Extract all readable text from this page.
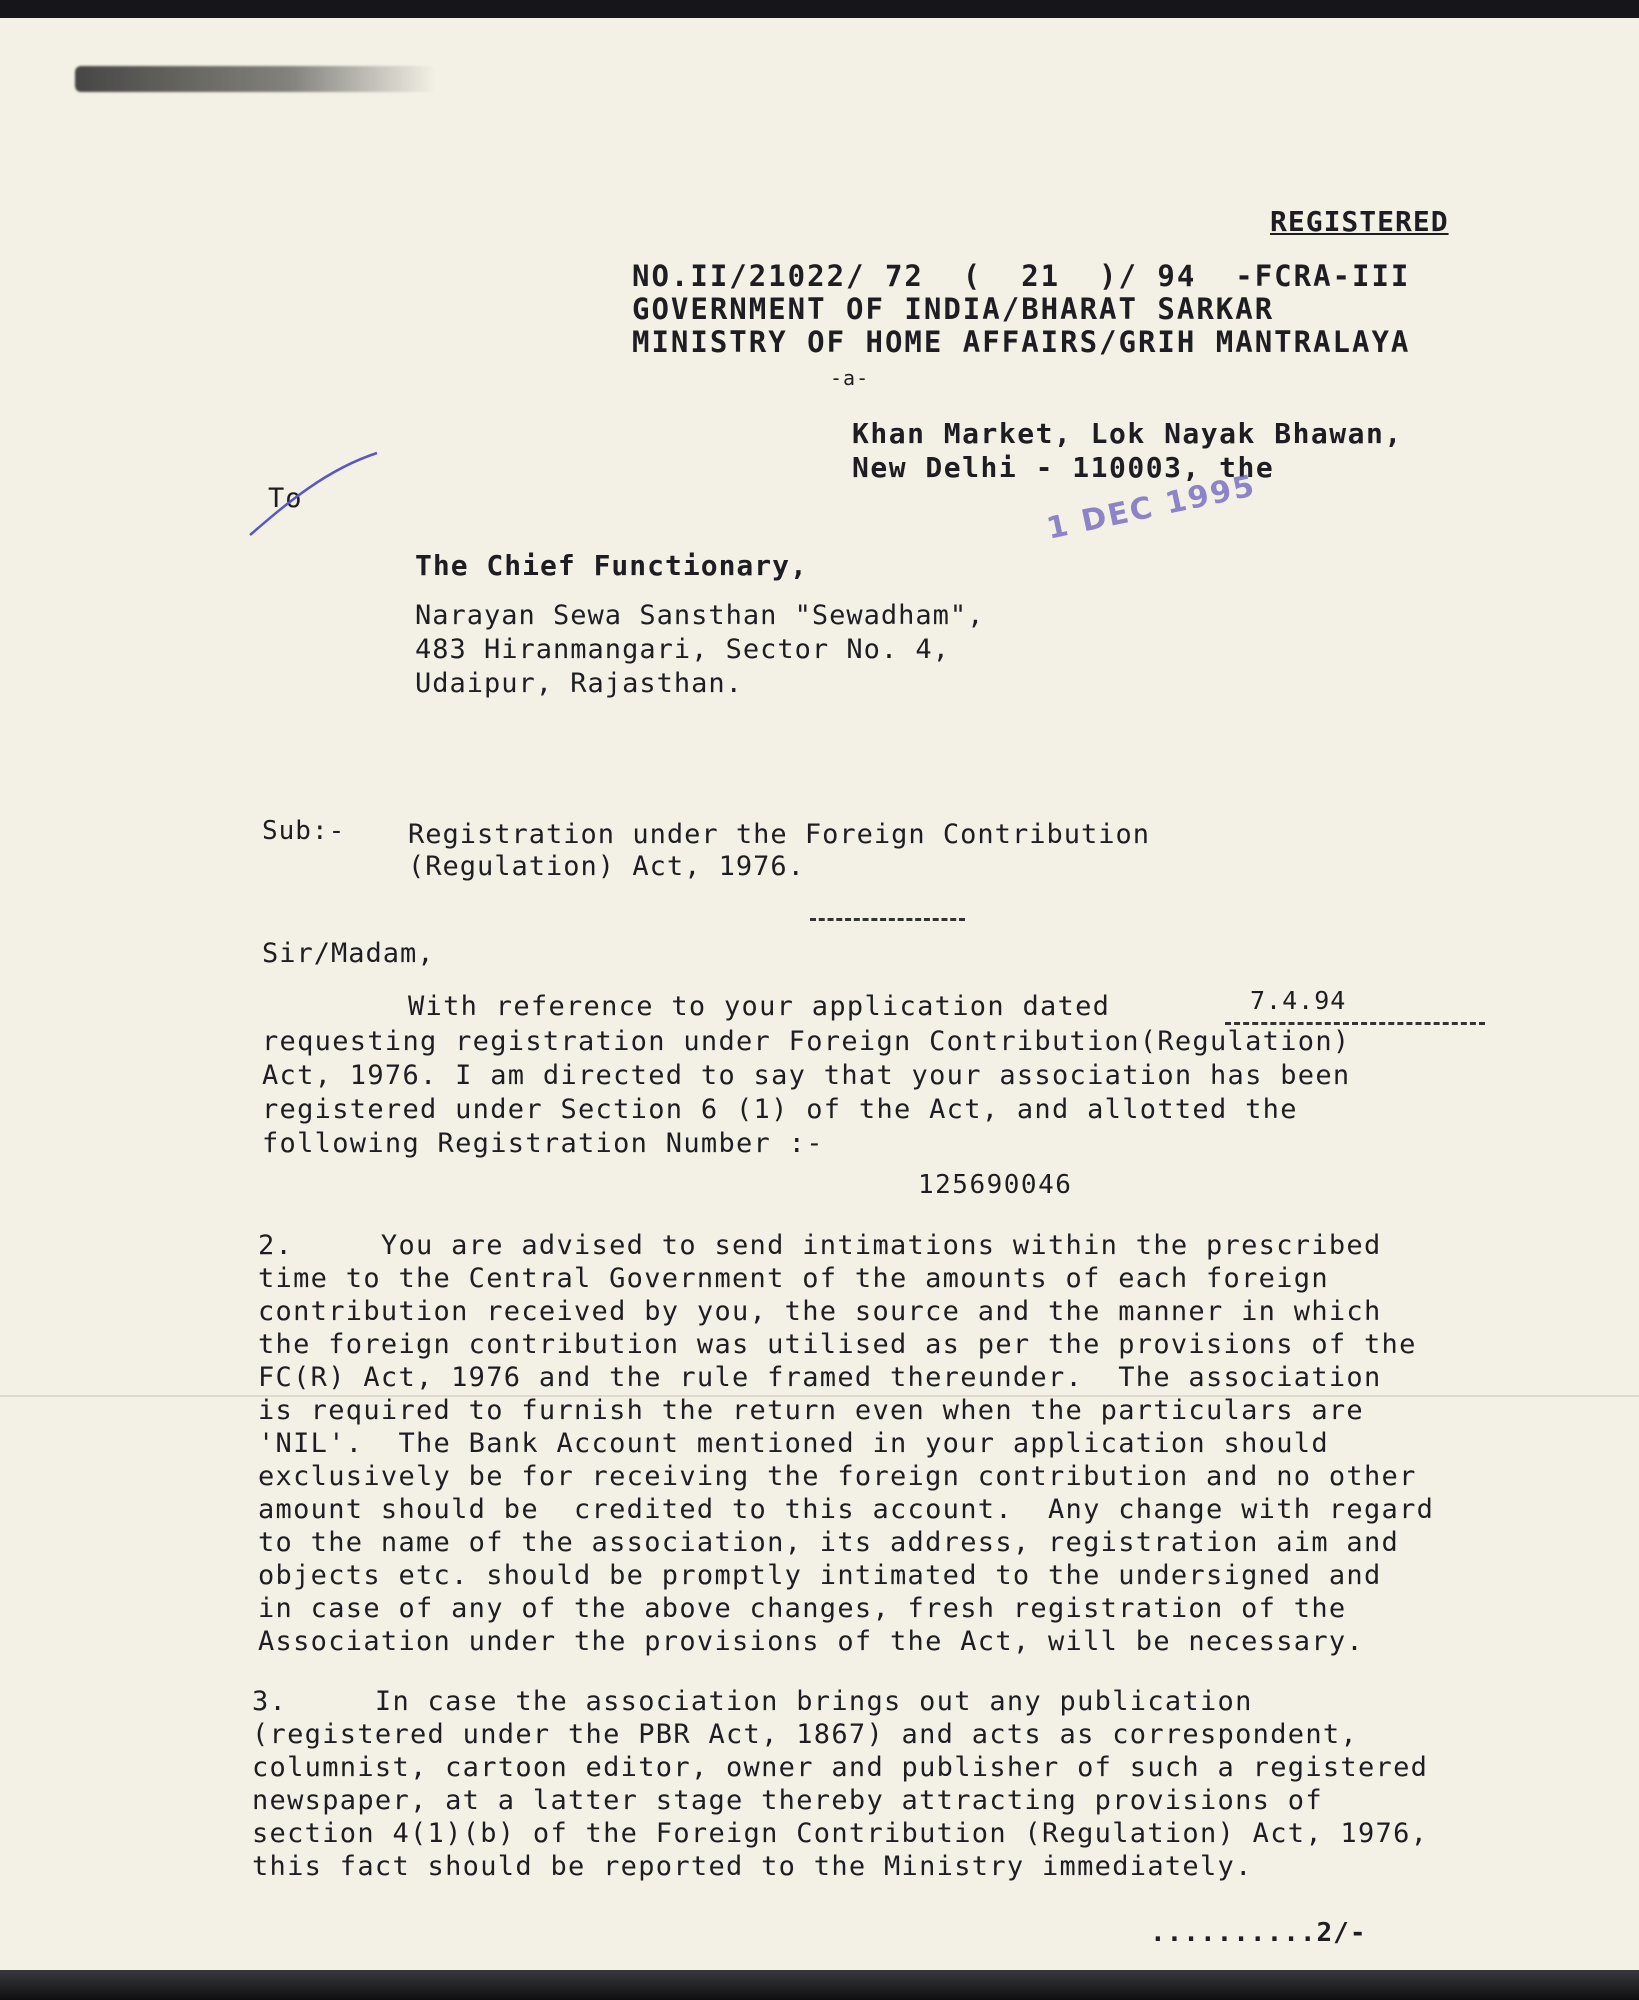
REGISTERED
NO.II/21022/ 72  (  21  )/ 94  -FCRA-III
GOVERNMENT OF INDIA/BHARAT SARKAR
MINISTRY OF HOME AFFAIRS/GRIH MANTRALAYA
-a-
Khan Market, Lok Nayak Bhawan,
New Delhi - 110003, the
1 DEC 1995
To
The Chief Functionary,
Narayan Sewa Sansthan "Sewadham",
483 Hiranmangari, Sector No. 4,
Udaipur, Rajasthan.
Sub:- Registration under the Foreign Contribution
(Regulation) Act, 1976.
Sir/Madam,
With reference to your application dated	7.4.94
requesting registration under Foreign Contribution(Regulation)
Act, 1976. I am directed to say that your association has been
registered under Section 6 (1) of the Act, and allotted the
following Registration Number :-
125690046
2.     You are advised to send intimations within the prescribed
time to the Central Government of the amounts of each foreign
contribution received by you, the source and the manner in which
the foreign contribution was utilised as per the provisions of the
FC(R) Act, 1976 and the rule framed thereunder.  The association
is required to furnish the return even when the particulars are
'NIL'.  The Bank Account mentioned in your application should
exclusively be for receiving the foreign contribution and no other
amount should be  credited to this account.  Any change with regard
to the name of the association, its address, registration aim and
objects etc. should be promptly intimated to the undersigned and
in case of any of the above changes, fresh registration of the
Association under the provisions of the Act, will be necessary.
3.     In case the association brings out any publication
(registered under the PBR Act, 1867) and acts as correspondent,
columnist, cartoon editor, owner and publisher of such a registered
newspaper, at a latter stage thereby attracting provisions of
section 4(1)(b) of the Foreign Contribution (Regulation) Act, 1976,
this fact should be reported to the Ministry immediately.
..........2/-
